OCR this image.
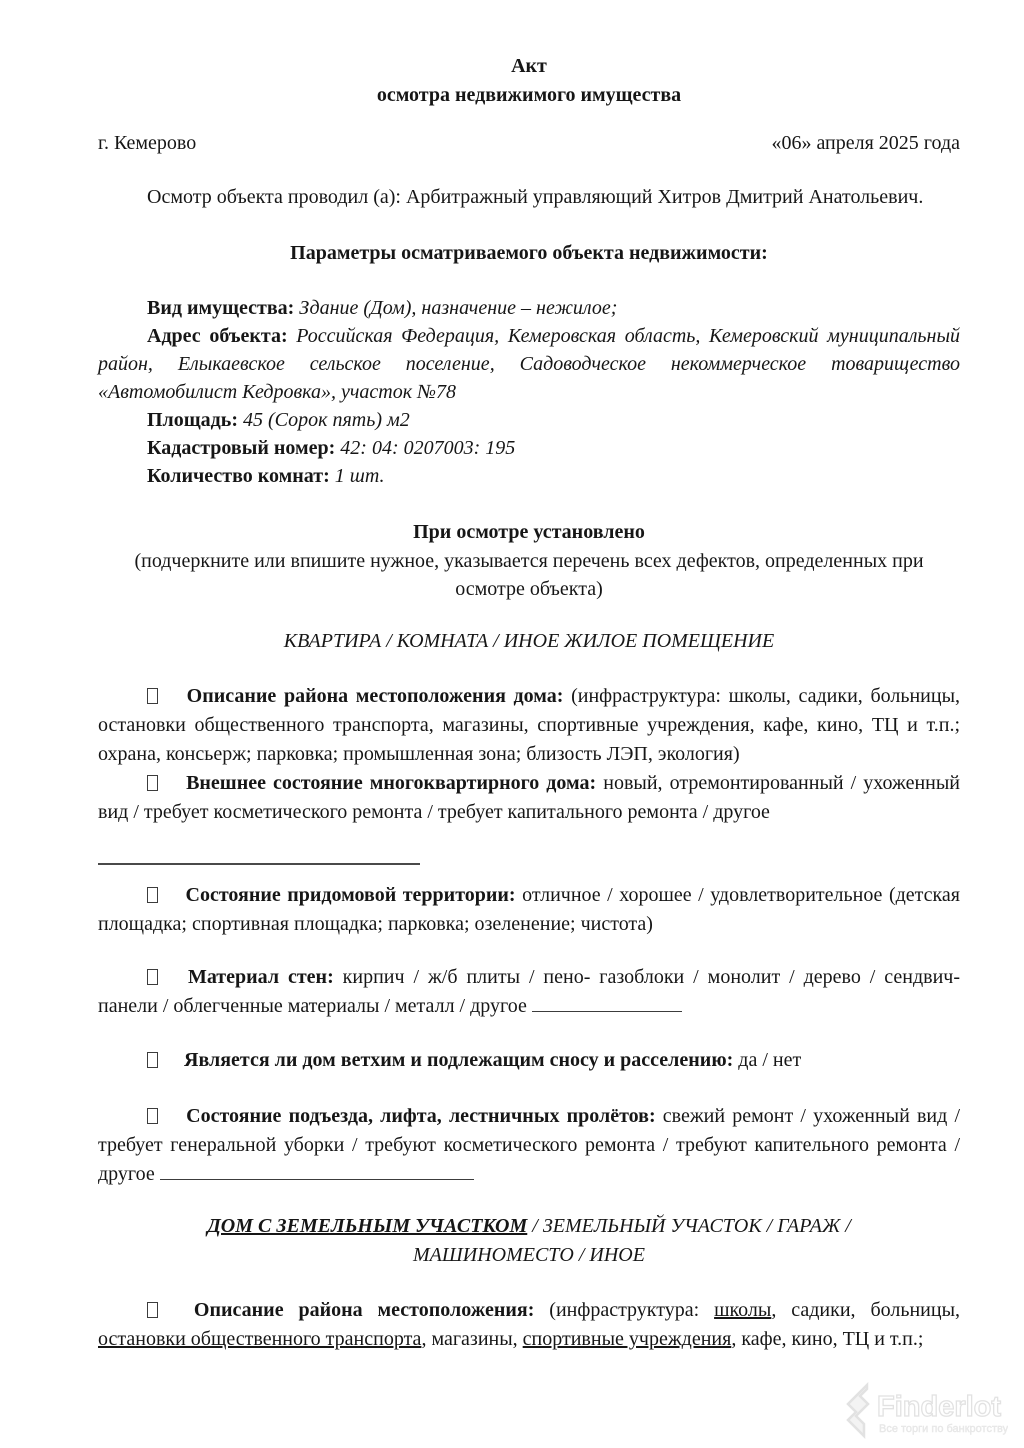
Акт
осмотра недвижимого имущества
г. Кемерово	«06» апреля 2025 года

Осмотр объекта проводил (а): Арбитражный управляющий Хитров Дмитрий Анатольевич.

Параметры осматриваемого объекта недвижимости:

Вид имущества: Здание (Дом), назначение – нежилое;

Адрес объекта: Российская Федерация, Кемеровская область, Кемеровский муниципальный район, Елыкаевское сельское поселение, Садоводческое некоммерческое товарищество «Автомобилист Кедровка», участок №78

Площадь: 45 (Сорок пять) м2

Кадастровый номер: 42: 04: 0207003: 195

Количество комнат: 1 шт.

При осмотре установлено
(подчеркните или впишите нужное, указывается перечень всех дефектов, определенных при осмотре объекта)
КВАРТИРА / КОМНАТА / ИНОЕ ЖИЛОЕ ПОМЕЩЕНИЕ

Описание района местоположения дома: (инфраструктура: школы, садики, больницы, остановки общественного транспорта, магазины, спортивные учреждения, кафе, кино, ТЦ и т.п.; охрана, консьерж; парковка; промышленная зона; близость ЛЭП, экология)

Внешнее состояние многоквартирного дома: новый, отремонтированный / ухоженный вид / требует косметического ремонта / требует капитального ремонта / другое

Состояние придомовой территории: отличное / хорошее / удовлетворительное (детская площадка; спортивная площадка; парковка; озеленение; чистота)

Материал стен: кирпич / ж/б плиты / пено- газоблоки / монолит / дерево / сендвич-панели / облегченные материалы / металл / другое

Является ли дом ветхим и подлежащим сносу и расселению: да / нет

Состояние подъезда, лифта, лестничных пролётов: свежий ремонт / ухоженный вид / требует генеральной уборки / требуют косметического ремонта / требуют капительного ремонта / другое

ДОМ С ЗЕМЕЛЬНЫМ УЧАСТКОМ / ЗЕМЕЛЬНЫЙ УЧАСТОК / ГАРАЖ /
МАШИНОМЕСТО / ИНОЕ

Описание района местоположения: (инфраструктура: школы, садики, больницы, остановки общественного транспорта, магазины, спортивные учреждения, кафе, кино, ТЦ и т.п.;

Finderlot
Все торги по банкротству
